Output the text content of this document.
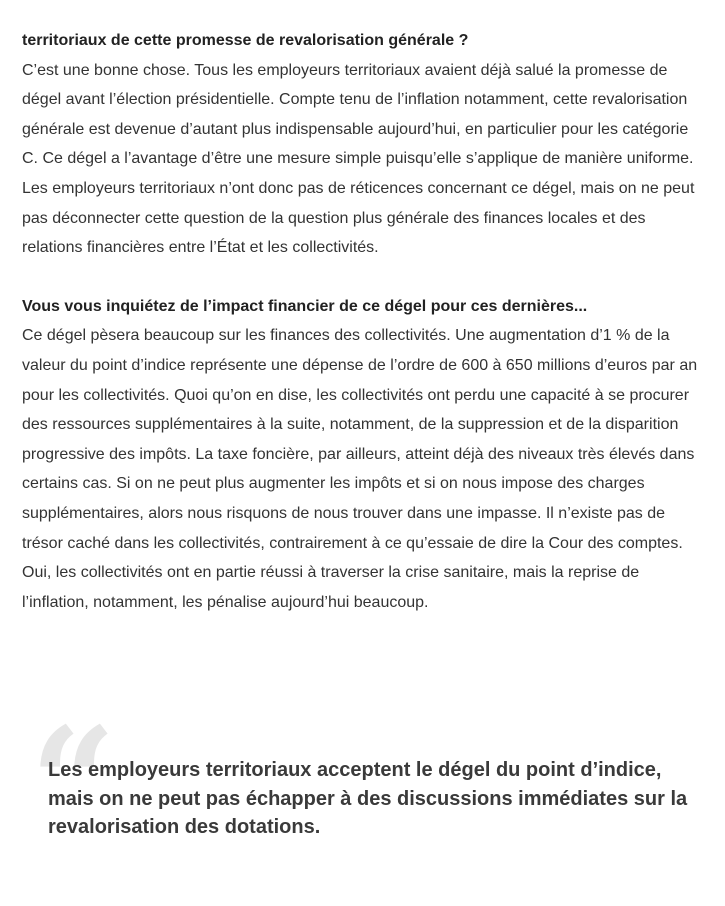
territoriaux de cette promesse de revalorisation générale ?

C’est une bonne chose. Tous les employeurs territoriaux avaient déjà salué la promesse de dégel avant l’élection présidentielle. Compte tenu de l’inflation notamment, cette revalorisation générale est devenue d’autant plus indispensable aujourd’hui, en particulier pour les catégorie C. Ce dégel a l’avantage d’être une mesure simple puisqu’elle s’applique de manière uniforme. Les employeurs territoriaux n’ont donc pas de réticences concernant ce dégel, mais on ne peut pas déconnecter cette question de la question plus générale des finances locales et des relations financières entre l’État et les collectivités.

Vous vous inquiétez de l’impact financier de ce dégel pour ces dernières...

Ce dégel pèsera beaucoup sur les finances des collectivités. Une augmentation d’1 % de la valeur du point d’indice représente une dépense de l’ordre de 600 à 650 millions d’euros par an pour les collectivités. Quoi qu’on en dise, les collectivités ont perdu une capacité à se procurer des ressources supplémentaires à la suite, notamment, de la suppression et de la disparition progressive des impôts. La taxe foncière, par ailleurs, atteint déjà des niveaux très élevés dans certains cas. Si on ne peut plus augmenter les impôts et si on nous impose des charges supplémentaires, alors nous risquons de nous trouver dans une impasse. Il n’existe pas de trésor caché dans les collectivités, contrairement à ce qu’essaie de dire la Cour des comptes. Oui, les collectivités ont en partie réussi à traverser la crise sanitaire, mais la reprise de l’inflation, notamment, les pénalise aujourd’hui beaucoup.

“

Les employeurs territoriaux acceptent le dégel du point d’indice, mais on ne peut pas échapper à des discussions immédiates sur la revalorisation des dotations.
